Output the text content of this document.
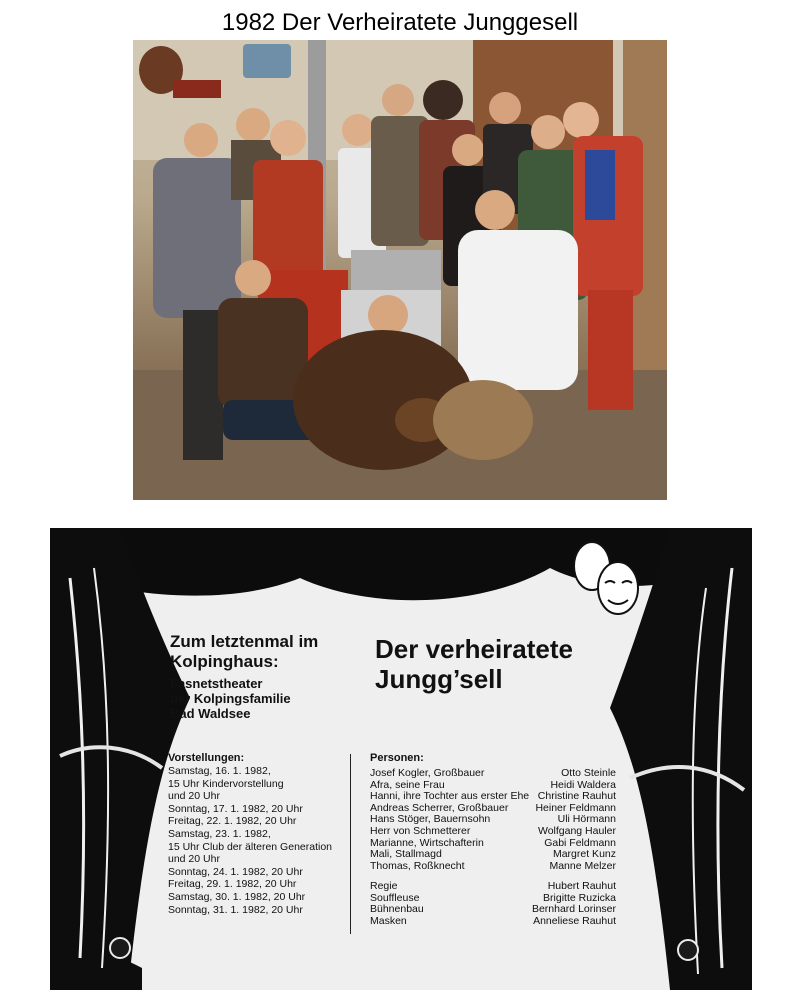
1982 Der Verheiratete Junggesell
Zum letztenmal im Kolpinghaus:
Fasnetstheater
der Kolpingsfamilie
Bad Waldsee
Der verheiratete
Jungg’sell
Vorstellungen:
Samstag, 16. 1. 1982,
15 Uhr Kindervorstellung
und 20 Uhr
Sonntag, 17. 1. 1982, 20 Uhr
Freitag, 22. 1. 1982, 20 Uhr
Samstag, 23. 1. 1982,
15 Uhr Club der älteren Generation
und 20 Uhr
Sonntag, 24. 1. 1982, 20 Uhr
Freitag, 29. 1. 1982, 20 Uhr
Samstag, 30. 1. 1982, 20 Uhr
Sonntag, 31. 1. 1982, 20 Uhr
Personen:
Josef Kogler, Großbauer	Otto Steinle
Afra, seine Frau	Heidi Waldera
Hanni, ihre Tochter aus erster Ehe Christine Rauhut
Andreas Scherrer, Großbauer	Heiner Feldmann
Hans Stöger, Bauernsohn	Uli Hörmann
Herr von Schmetterer	Wolfgang Hauler
Marianne, Wirtschafterin	Gabi Feldmann
Mali, Stallmagd	Margret Kunz
Thomas, Roßknecht	Manne Melzer
Regie	Hubert Rauhut
Souffleuse	Brigitte Ruzicka
Bühnenbau	Bernhard Lorinser
Masken	Anneliese Rauhut
